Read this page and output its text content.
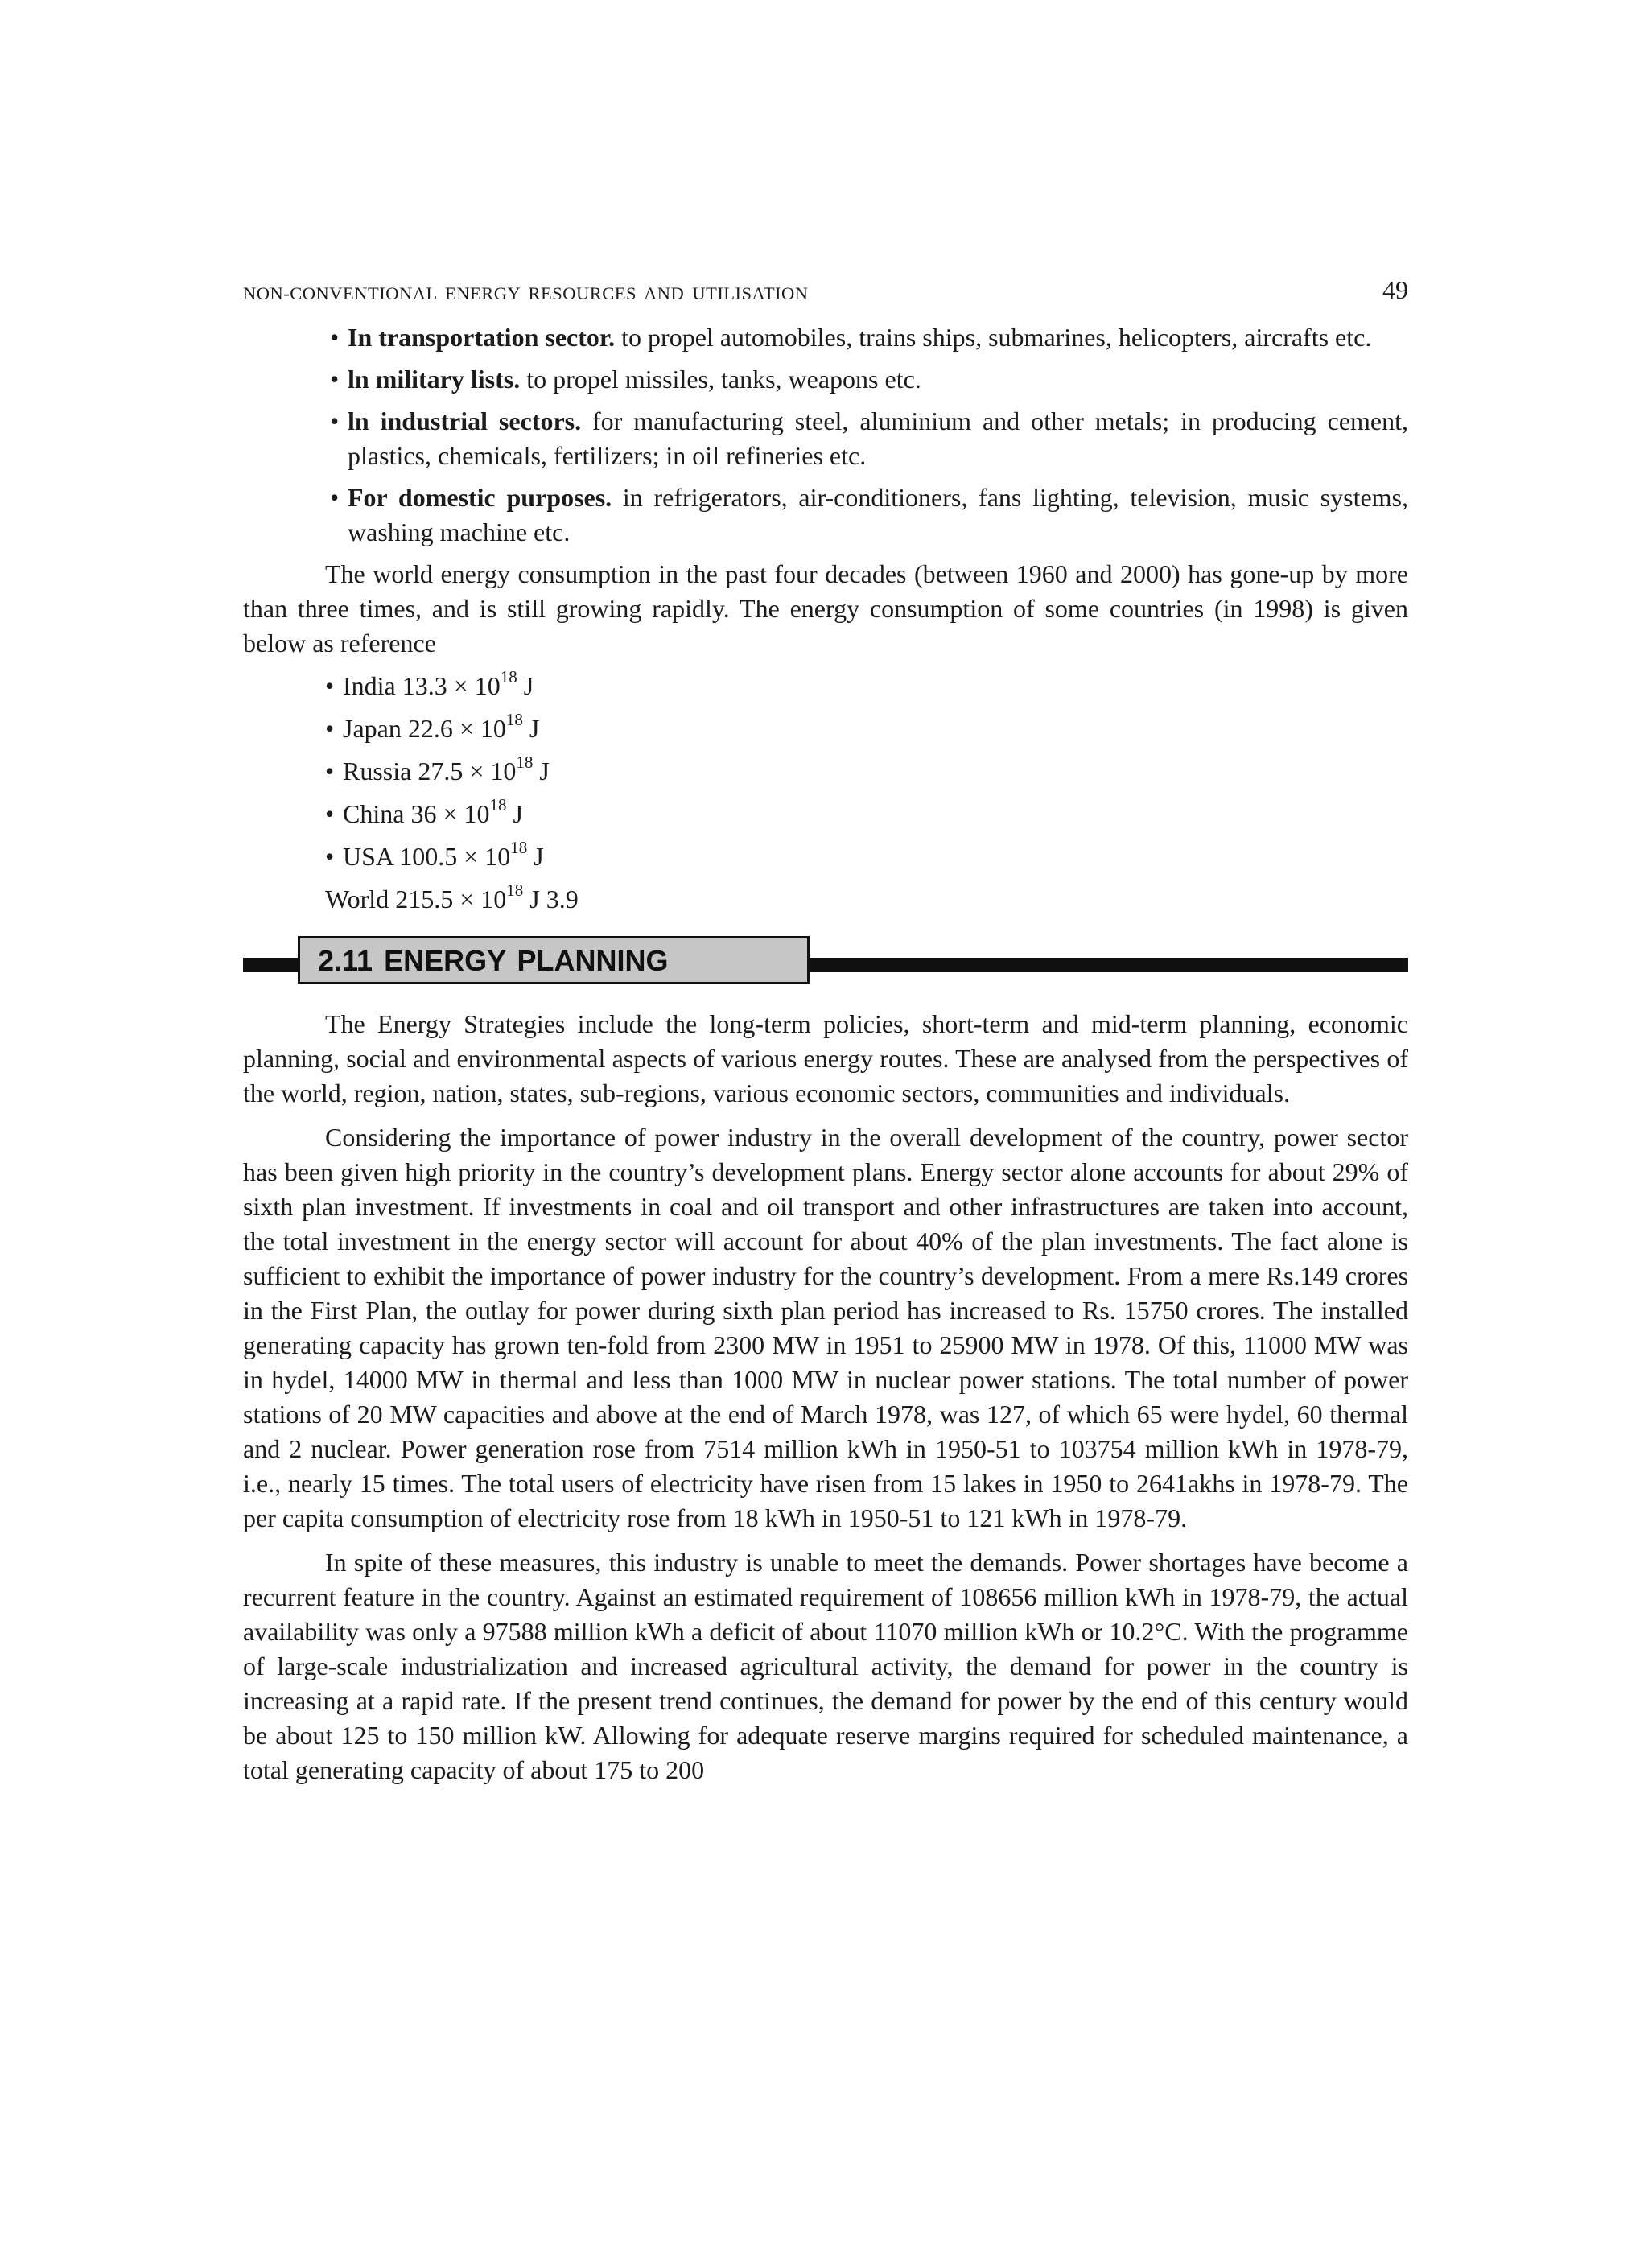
NON-CONVENTIONAL ENERGY RESOURCES AND UTILISATION	49
• In transportation sector. to propel automobiles, trains ships, submarines, helicopters, aircrafts etc.
• ln military lists. to propel missiles, tanks, weapons etc.
• ln industrial sectors. for manufacturing steel, aluminium and other metals; in producing cement, plastics, chemicals, fertilizers; in oil refineries etc.
• For domestic purposes. in refrigerators, air-conditioners, fans lighting, television, music systems, washing machine etc.

The world energy consumption in the past four decades (between 1960 and 2000) has gone-up by more than three times, and is still growing rapidly. The energy consumption of some countries (in 1998) is given below as reference

• India $13.3 \times 10^{18}$ J
• Japan $22.6 \times 10^{18}$ J
• Russia $27.5 \times 10^{18}$ J
• China $36 \times 10^{18}$ J
• USA $100.5 \times 10^{18}$ J

World $215.5 \times 10^{18}$ J 3.9

2.11 ENERGY PLANNING

The Energy Strategies include the long-term policies, short-term and mid-term planning, economic planning, social and environmental aspects of various energy routes. These are analysed from the perspectives of the world, region, nation, states, sub-regions, various economic sectors, communities and individuals.

Considering the importance of power industry in the overall development of the country, power sector has been given high priority in the country’s development plans. Energy sector alone accounts for about 29% of sixth plan investment. If investments in coal and oil transport and other infrastructures are taken into account, the total investment in the energy sector will account for about 40% of the plan investments. The fact alone is sufficient to exhibit the importance of power industry for the country’s development. From a mere Rs.149 crores in the First Plan, the outlay for power during sixth plan period has increased to Rs. 15750 crores. The installed generating capacity has grown ten-fold from 2300 MW in 1951 to 25900 MW in 1978. Of this, 11000 MW was in hydel, 14000 MW in thermal and less than 1000 MW in nuclear power stations. The total number of power stations of 20 MW capacities and above at the end of March 1978, was 127, of which 65 were hydel, 60 thermal and 2 nuclear. Power generation rose from 7514 million kWh in 1950-51 to 103754 million kWh in 1978-79, i.e., nearly 15 times. The total users of electricity have risen from 15 lakes in 1950 to 2641akhs in 1978-79. The per capita consumption of electricity rose from 18 kWh in 1950-51 to 121 kWh in 1978-79.

In spite of these measures, this industry is unable to meet the demands. Power shortages have become a recurrent feature in the country. Against an estimated requirement of 108656 million kWh in 1978-79, the actual availability was only a 97588 million kWh a deficit of about 11070 million kWh or 10.2°C. With the programme of large-scale industrialization and increased agricultural activity, the demand for power in the country is increasing at a rapid rate. If the present trend continues, the demand for power by the end of this century would be about 125 to 150 million kW. Allowing for adequate reserve margins required for scheduled maintenance, a total generating capacity of about 175 to 200
